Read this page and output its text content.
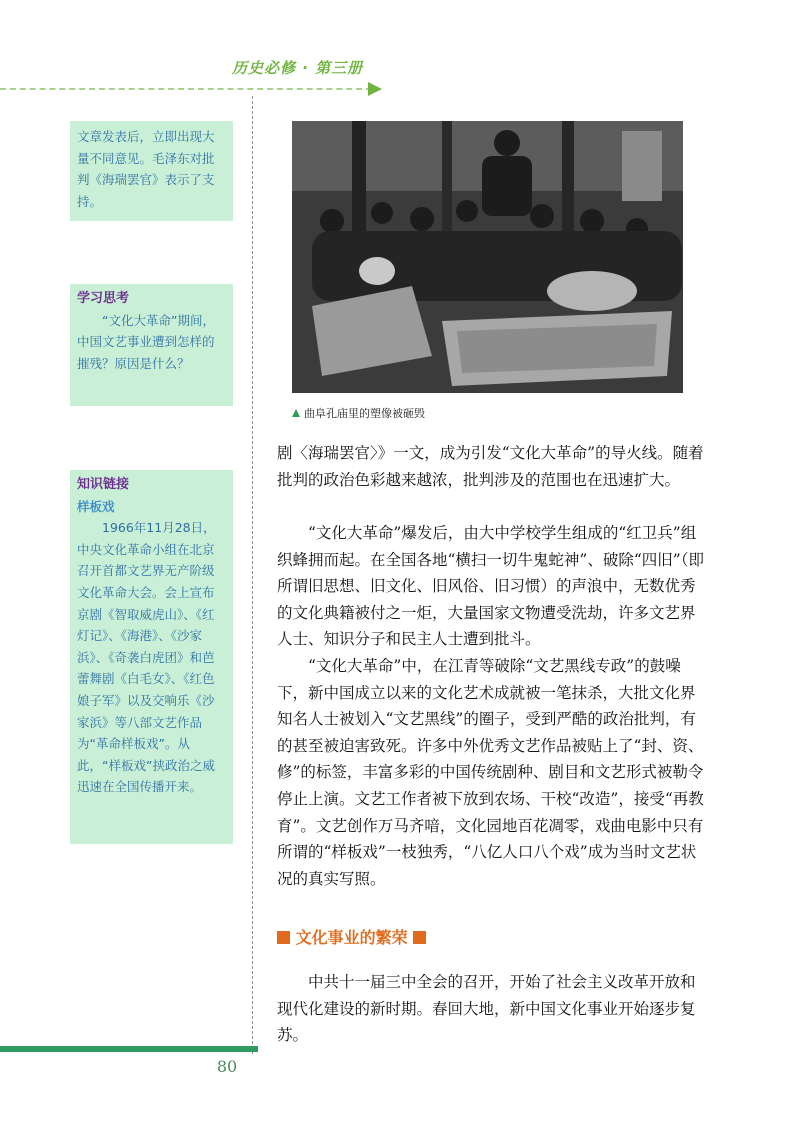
历史必修 · 第三册
文章发表后，立即出现大量不同意见。毛泽东对批判《海瑞罢官》表示了支持。
学习思考
“文化大革命”期间，中国文艺事业遭到怎样的摧残？原因是什么？
知识链接
样板戏
1966年11月28日，中央文化革命小组在北京召开首都文艺界无产阶级文化革命大会。会上宣布京剧《智取威虎山》、《红灯记》、《海港》、《沙家浜》、《奇袭白虎团》和芭蕾舞剧《白毛女》、《红色娘子军》以及交响乐《沙家浜》等八部文艺作品为“革命样板戏”。从此，“样板戏”挟政治之威迅速在全国传播开来。
曲阜孔庙里的塑像被砸毁

剧〈海瑞罢官〉》一文，成为引发“文化大革命”的导火线。随着批判的政治色彩越来越浓，批判涉及的范围也在迅速扩大。

“文化大革命”爆发后，由大中学校学生组成的“红卫兵”组织蜂拥而起。在全国各地“横扫一切牛鬼蛇神”、破除“四旧”（即所谓旧思想、旧文化、旧风俗、旧习惯）的声浪中，无数优秀的文化典籍被付之一炬，大量国家文物遭受洗劫，许多文艺界人士、知识分子和民主人士遭到批斗。

“文化大革命”中，在江青等破除“文艺黑线专政”的鼓噪下，新中国成立以来的文化艺术成就被一笔抹杀，大批文化界知名人士被划入“文艺黑线”的圈子，受到严酷的政治批判，有的甚至被迫害致死。许多中外优秀文艺作品被贴上了“封、资、修”的标签，丰富多彩的中国传统剧种、剧目和文艺形式被勒令停止上演。文艺工作者被下放到农场、干校“改造”，接受“再教育”。文艺创作万马齐喑，文化园地百花凋零，戏曲电影中只有所谓的“样板戏”一枝独秀，“八亿人口八个戏”成为当时文艺状况的真实写照。

文化事业的繁荣

中共十一届三中全会的召开，开始了社会主义改革开放和现代化建设的新时期。春回大地，新中国文化事业开始逐步复苏。

80
